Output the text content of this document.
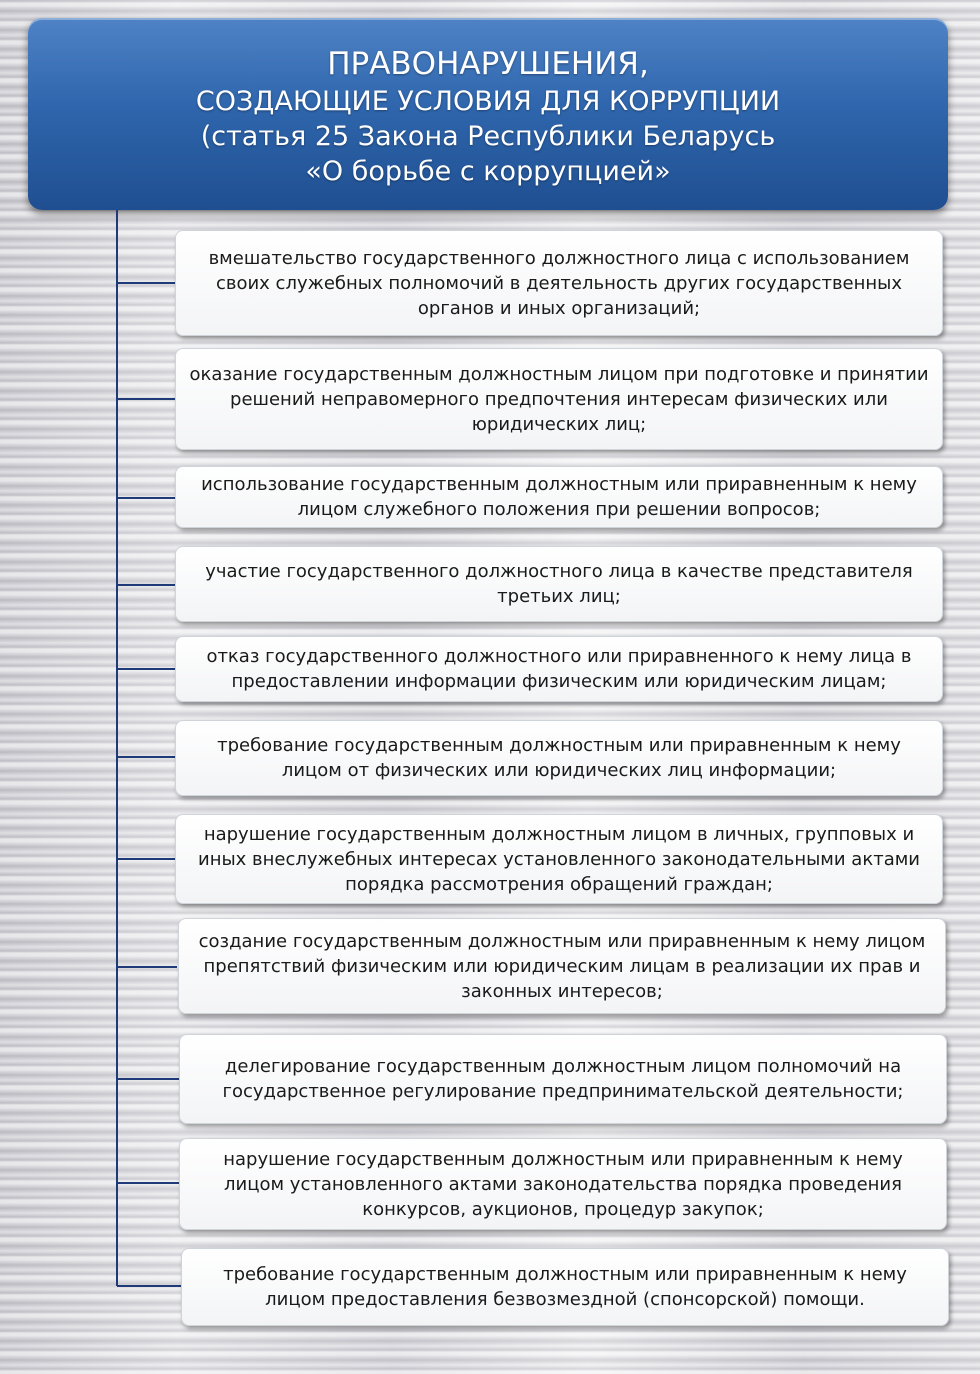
ПРАВОНАРУШЕНИЯ,
СОЗДАЮЩИЕ УСЛОВИЯ ДЛЯ КОРРУПЦИИ
(статья 25 Закона Республики Беларусь
«О борьбе с коррупцией»
вмешательство государственного должностного лица с использованием своих служебных полномочий в деятельность других государственных органов и иных организаций;
оказание государственным должностным лицом при подготовке и принятии решений неправомерного предпочтения интересам физических или юридических лиц;
использование государственным должностным или приравненным к нему лицом служебного положения при решении вопросов;
участие государственного должностного лица в качестве представителя третьих лиц;
отказ государственного должностного или приравненного к нему лица в предоставлении информации физическим или юридическим лицам;
требование государственным должностным или приравненным к нему лицом от физических или юридических лиц информации;
нарушение государственным должностным лицом в личных, групповых и иных внеслужебных интересах установленного законодательными актами порядка рассмотрения обращений граждан;
создание государственным должностным или приравненным к нему лицом препятствий физическим или юридическим лицам в реализации их прав и законных интересов;
делегирование государственным должностным лицом полномочий на государственное регулирование предпринимательской деятельности;
нарушение государственным должностным или приравненным к нему лицом установленного актами законодательства порядка проведения конкурсов, аукционов, процедур закупок;
требование государственным должностным или приравненным к нему лицом предоставления безвозмездной (спонсорской) помощи.
